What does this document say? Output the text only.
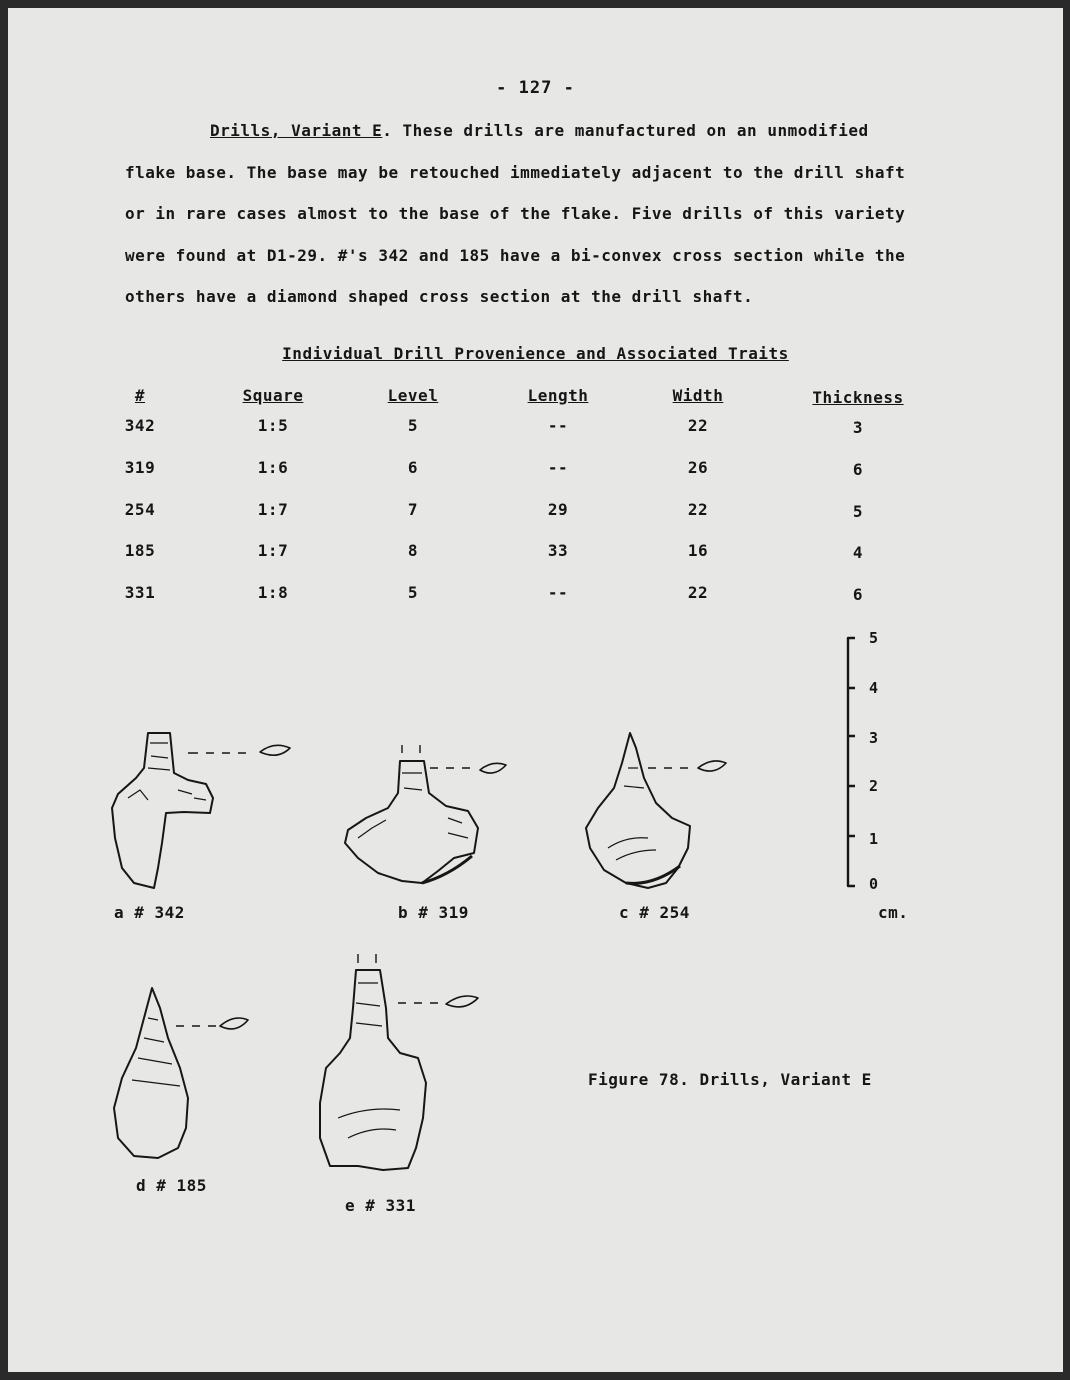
- 127 -
Drills, Variant E. These drills are manufactured on an unmodified
flake base. The base may be retouched immediately adjacent to the drill shaft
or in rare cases almost to the base of the flake. Five drills of this variety
were found at D1-29. #'s 342 and 185 have a bi-convex cross section while the
others have a diamond shaped cross section at the drill shaft.
Individual Drill Provenience and Associated Traits
#	Square	Level	Length	Width	Thickness
342	1:5	5	--	22	3
319	1:6	6	--	26	6
254	1:7	7	29	22	5
185	1:7	8	33	16	4
331	1:8	5	--	22	6
a # 342	b # 319	c # 254
d # 185
e # 331
5
4
3
2
1
0
cm.
Figure 78. Drills, Variant E
